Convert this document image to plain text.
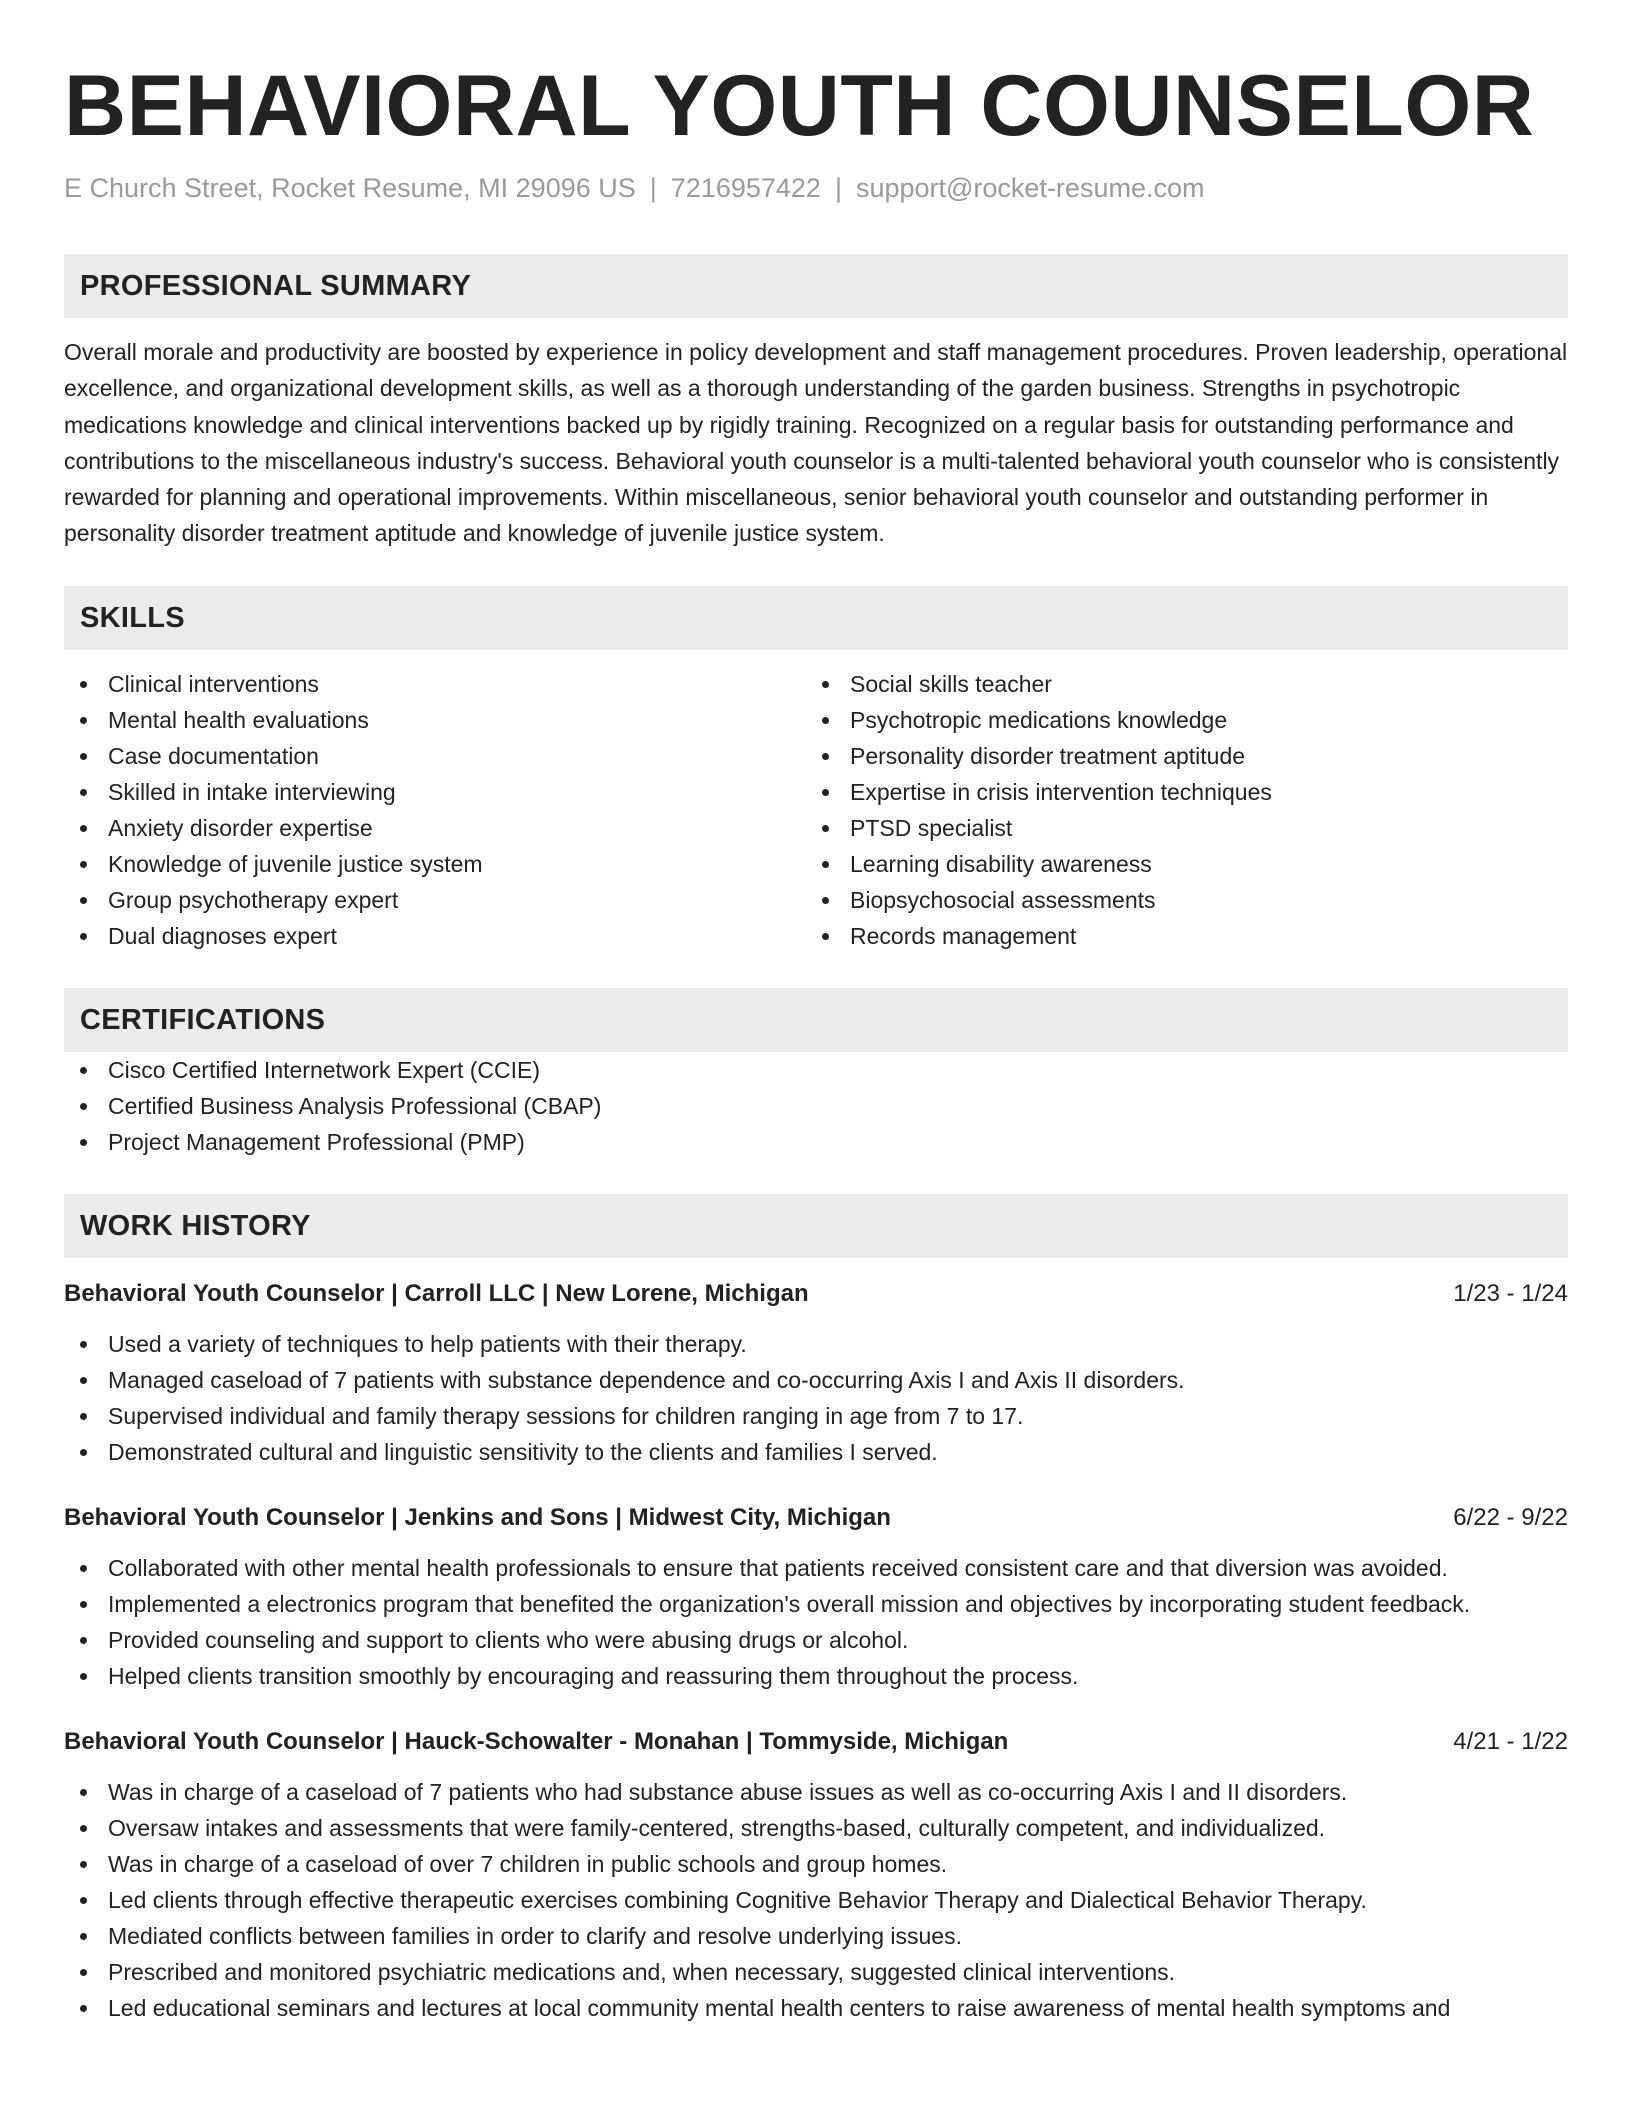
BEHAVIORAL YOUTH COUNSELOR
E Church Street, Rocket Resume, MI 29096 US | 7216957422 | support@rocket-resume.com
PROFESSIONAL SUMMARY

Overall morale and productivity are boosted by experience in policy development and staff management procedures. Proven leadership, operational excellence, and organizational development skills, as well as a thorough understanding of the garden business. Strengths in psychotropic medications knowledge and clinical interventions backed up by rigidly training. Recognized on a regular basis for outstanding performance and contributions to the miscellaneous industry's success. Behavioral youth counselor is a multi-talented behavioral youth counselor who is consistently rewarded for planning and operational improvements. Within miscellaneous, senior behavioral youth counselor and outstanding performer in personality disorder treatment aptitude and knowledge of juvenile justice system.

SKILLS
Clinical interventions
Mental health evaluations
Case documentation
Skilled in intake interviewing
Anxiety disorder expertise
Knowledge of juvenile justice system
Group psychotherapy expert
Dual diagnoses expert
Social skills teacher
Psychotropic medications knowledge
Personality disorder treatment aptitude
Expertise in crisis intervention techniques
PTSD specialist
Learning disability awareness
Biopsychosocial assessments
Records management
CERTIFICATIONS
Cisco Certified Internetwork Expert (CCIE)
Certified Business Analysis Professional (CBAP)
Project Management Professional (PMP)
WORK HISTORY
Behavioral Youth Counselor | Carroll LLC | New Lorene, Michigan	1/23 - 1/24
Used a variety of techniques to help patients with their therapy.
Managed caseload of 7 patients with substance dependence and co-occurring Axis I and Axis II disorders.
Supervised individual and family therapy sessions for children ranging in age from 7 to 17.
Demonstrated cultural and linguistic sensitivity to the clients and families I served.
Behavioral Youth Counselor | Jenkins and Sons | Midwest City, Michigan	6/22 - 9/22
Collaborated with other mental health professionals to ensure that patients received consistent care and that diversion was avoided.
Implemented a electronics program that benefited the organization's overall mission and objectives by incorporating student feedback.
Provided counseling and support to clients who were abusing drugs or alcohol.
Helped clients transition smoothly by encouraging and reassuring them throughout the process.
Behavioral Youth Counselor | Hauck-Schowalter - Monahan | Tommyside, Michigan	4/21 - 1/22
Was in charge of a caseload of 7 patients who had substance abuse issues as well as co-occurring Axis I and II disorders.
Oversaw intakes and assessments that were family-centered, strengths-based, culturally competent, and individualized.
Was in charge of a caseload of over 7 children in public schools and group homes.
Led clients through effective therapeutic exercises combining Cognitive Behavior Therapy and Dialectical Behavior Therapy.
Mediated conflicts between families in order to clarify and resolve underlying issues.
Prescribed and monitored psychiatric medications and, when necessary, suggested clinical interventions.
Led educational seminars and lectures at local community mental health centers to raise awareness of mental health symptoms and
